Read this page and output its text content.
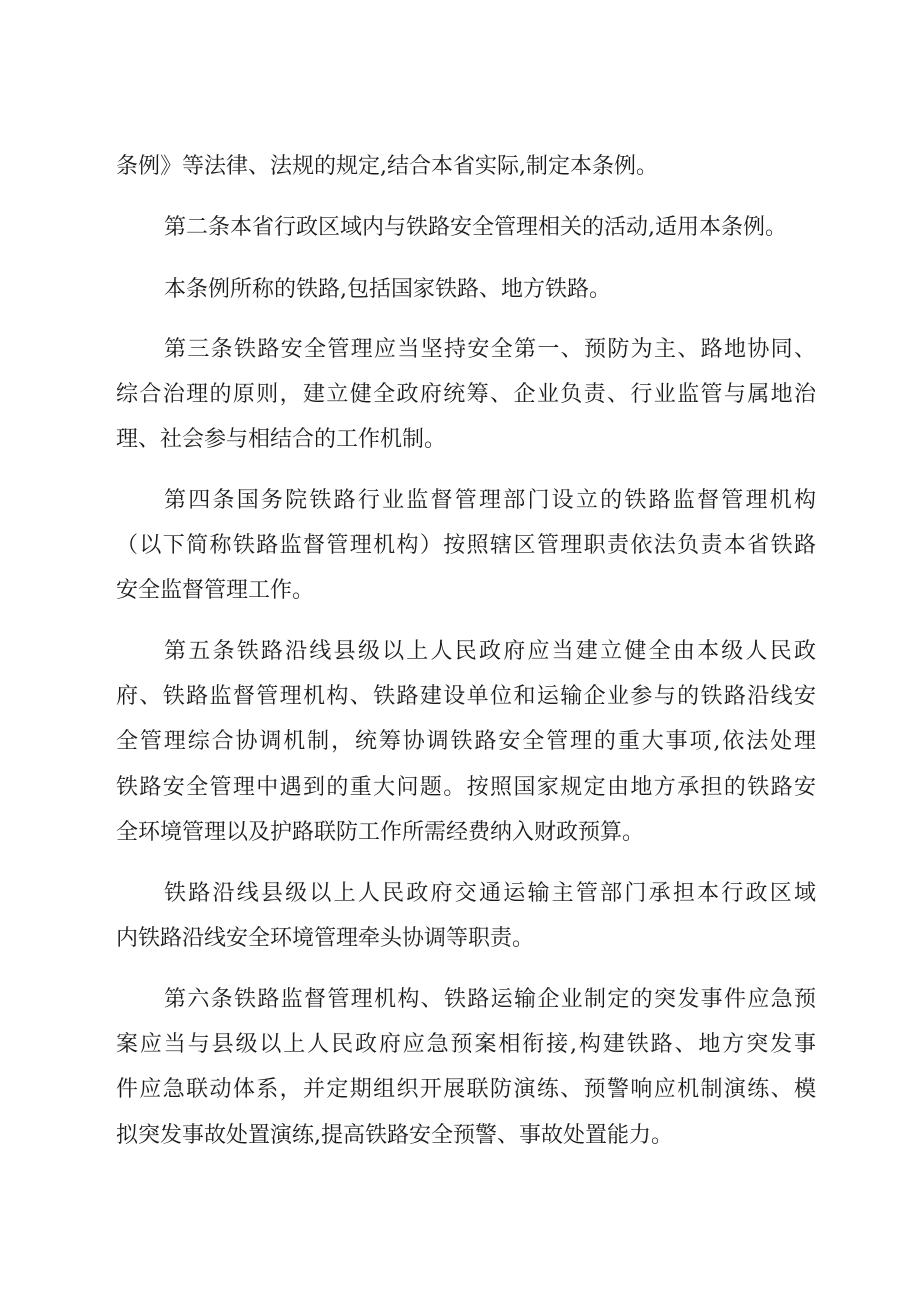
条例》等法律、法规的规定,结合本省实际,制定本条例。
第二条本省行政区域内与铁路安全管理相关的活动,适用本条例。
本条例所称的铁路,包括国家铁路、地方铁路。
第三条铁路安全管理应当坚持安全第一、预防为主、路地协同、
综合治理的原则，建立健全政府统筹、企业负责、行业监管与属地治
理、社会参与相结合的工作机制。
第四条国务院铁路行业监督管理部门设立的铁路监督管理机构
（以下简称铁路监督管理机构）按照辖区管理职责依法负责本省铁路
安全监督管理工作。
第五条铁路沿线县级以上人民政府应当建立健全由本级人民政
府、铁路监督管理机构、铁路建设单位和运输企业参与的铁路沿线安
全管理综合协调机制，统筹协调铁路安全管理的重大事项,依法处理
铁路安全管理中遇到的重大问题。按照国家规定由地方承担的铁路安
全环境管理以及护路联防工作所需经费纳入财政预算。
铁路沿线县级以上人民政府交通运输主管部门承担本行政区域
内铁路沿线安全环境管理牵头协调等职责。
第六条铁路监督管理机构、铁路运输企业制定的突发事件应急预
案应当与县级以上人民政府应急预案相衔接,构建铁路、地方突发事
件应急联动体系，并定期组织开展联防演练、预警响应机制演练、模
拟突发事故处置演练,提高铁路安全预警、事故处置能力。
